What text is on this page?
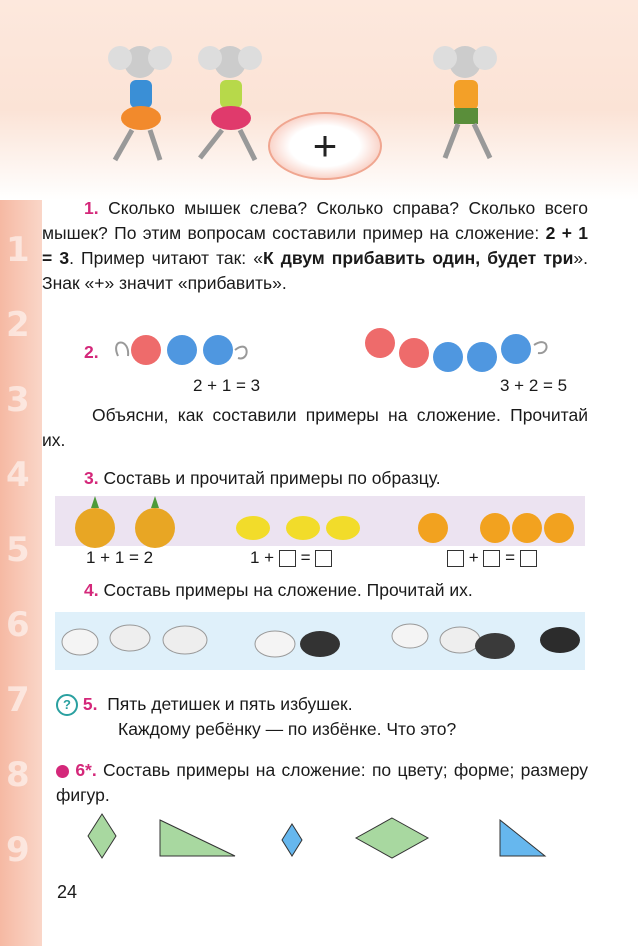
1
2
3
4
5
6
7
8
9
+
1. Сколько мышек слева? Сколько справа? Сколько всего мышек? По этим вопросам составили пример на сложение: 2 + 1 = 3. Пример читают так: «К двум прибавить один, будет три». Знак «+» значит «прибавить».
2.
2 + 1 = 3	3 + 2 = 5
Объясни, как составили примеры на сложение. Прочитай их.
3. Составь и прочитай примеры по образцу.
1 + 1 = 2	1 + =	+ =
4. Составь примеры на сложение. Прочитай их.
? 5. Пять детишек и пять избушек.
Каждому ребёнку — по избёнке. Что это?
6*. Составь примеры на сложение: по цвету; форме; размеру фигур.
24
